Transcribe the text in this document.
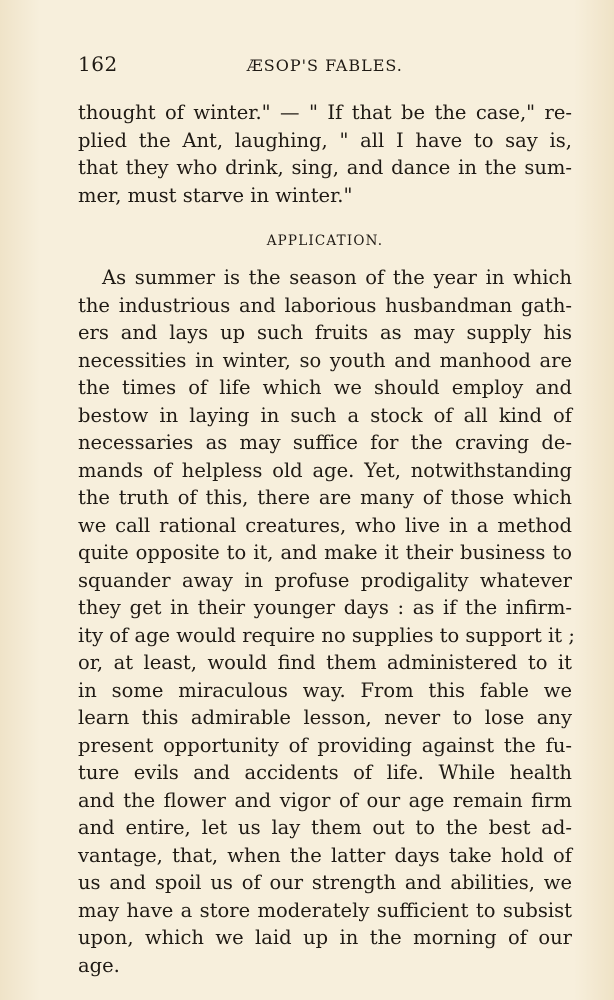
162	ÆSOP'S FABLES.
thought of winter." — " If that be the case," re-
plied the Ant, laughing, " all I have to say is,
that they who drink, sing, and dance in the sum-
mer, must starve in winter."
APPLICATION.
As summer is the season of the year in which
the industrious and laborious husbandman gath-
ers and lays up such fruits as may supply his
necessities in winter, so youth and manhood are
the times of life which we should employ and
bestow in laying in such a stock of all kind of
necessaries as may suffice for the craving de-
mands of helpless old age. Yet, notwithstanding
the truth of this, there are many of those which
we call rational creatures, who live in a method
quite opposite to it, and make it their business to
squander away in profuse prodigality whatever
they get in their younger days : as if the infirm-
ity of age would require no supplies to support it ;
or, at least, would find them administered to it
in some miraculous way. From this fable we
learn this admirable lesson, never to lose any
present opportunity of providing against the fu-
ture evils and accidents of life. While health
and the flower and vigor of our age remain firm
and entire, let us lay them out to the best ad-
vantage, that, when the latter days take hold of
us and spoil us of our strength and abilities, we
may have a store moderately sufficient to subsist
upon, which we laid up in the morning of our
age.
